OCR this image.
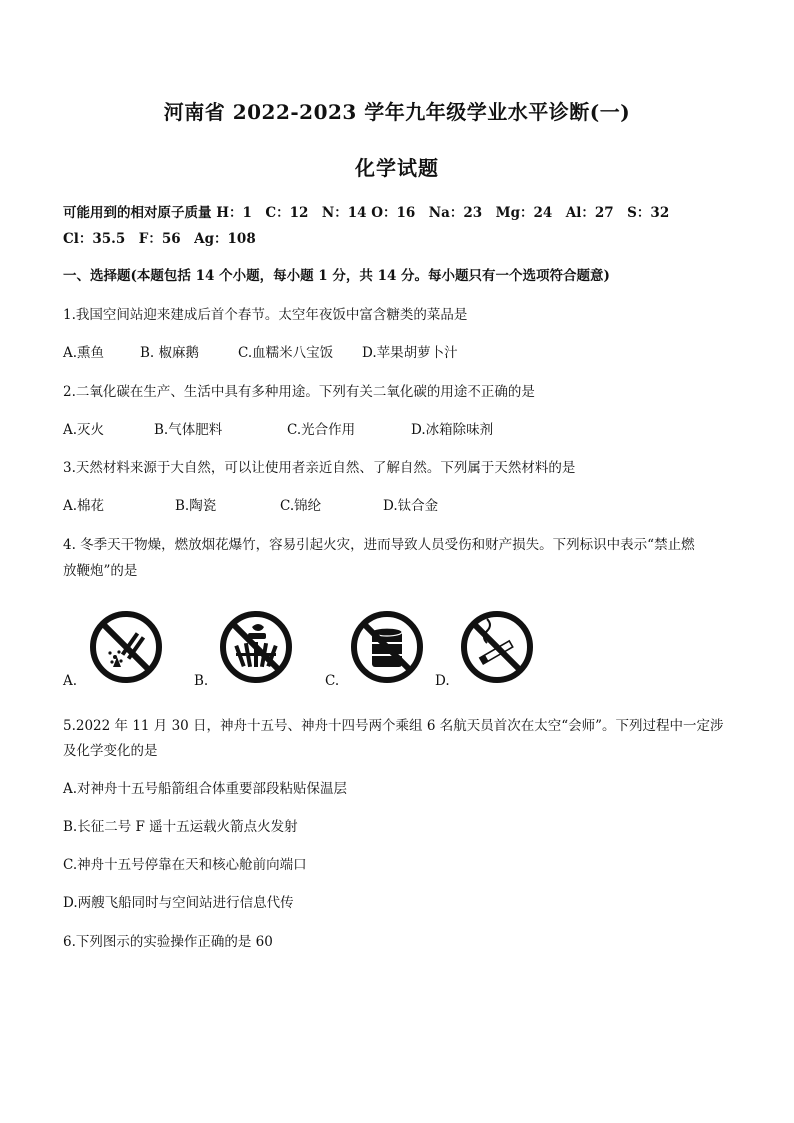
河南省 2022-2023 学年九年级学业水平诊断(一)
化学试题
可能用到的相对原子质量 H：1　C：12　N：14 O：16　Na：23　Mg：24　Al：27　S：32
Cl：35.5　F：56　Ag：108
一、选择题(本题包括 14 个小题，每小题 1 分，共 14 分。每小题只有一个选项符合题意)
1.我国空间站迎来建成后首个春节。太空年夜饭中富含糖类的菜品是
A.熏鱼	B. 椒麻鹅	C.血糯米八宝饭 D.苹果胡萝卜汁
2.二氧化碳在生产、生活中具有多种用途。下列有关二氧化碳的用途不正确的是
A.灭火	B.气体肥料	C.光合作用	D.冰箱除味剂
3.天然材料来源于大自然，可以让使用者亲近自然、了解自然。下列属于天然材料的是
A.棉花	B.陶瓷	C.锦纶	D.钛合金
4. 冬季天干物燥，燃放烟花爆竹，容易引起火灾，进而导致人员受伤和财产损失。下列标识中表示“禁止燃
放鞭炮”的是
A.	B.	C.	D.
5.2022 年 11 月 30 日，神舟十五号、神舟十四号两个乘组 6 名航天员首次在太空“会师”。下列过程中一定涉
及化学变化的是
A.对神舟十五号船箭组合体重要部段粘贴保温层
B.长征二号 F 遥十五运载火箭点火发射
C.神舟十五号停靠在天和核心舱前向端口
D.两艘飞船同时与空间站进行信息代传
6.下列图示的实验操作正确的是 60
